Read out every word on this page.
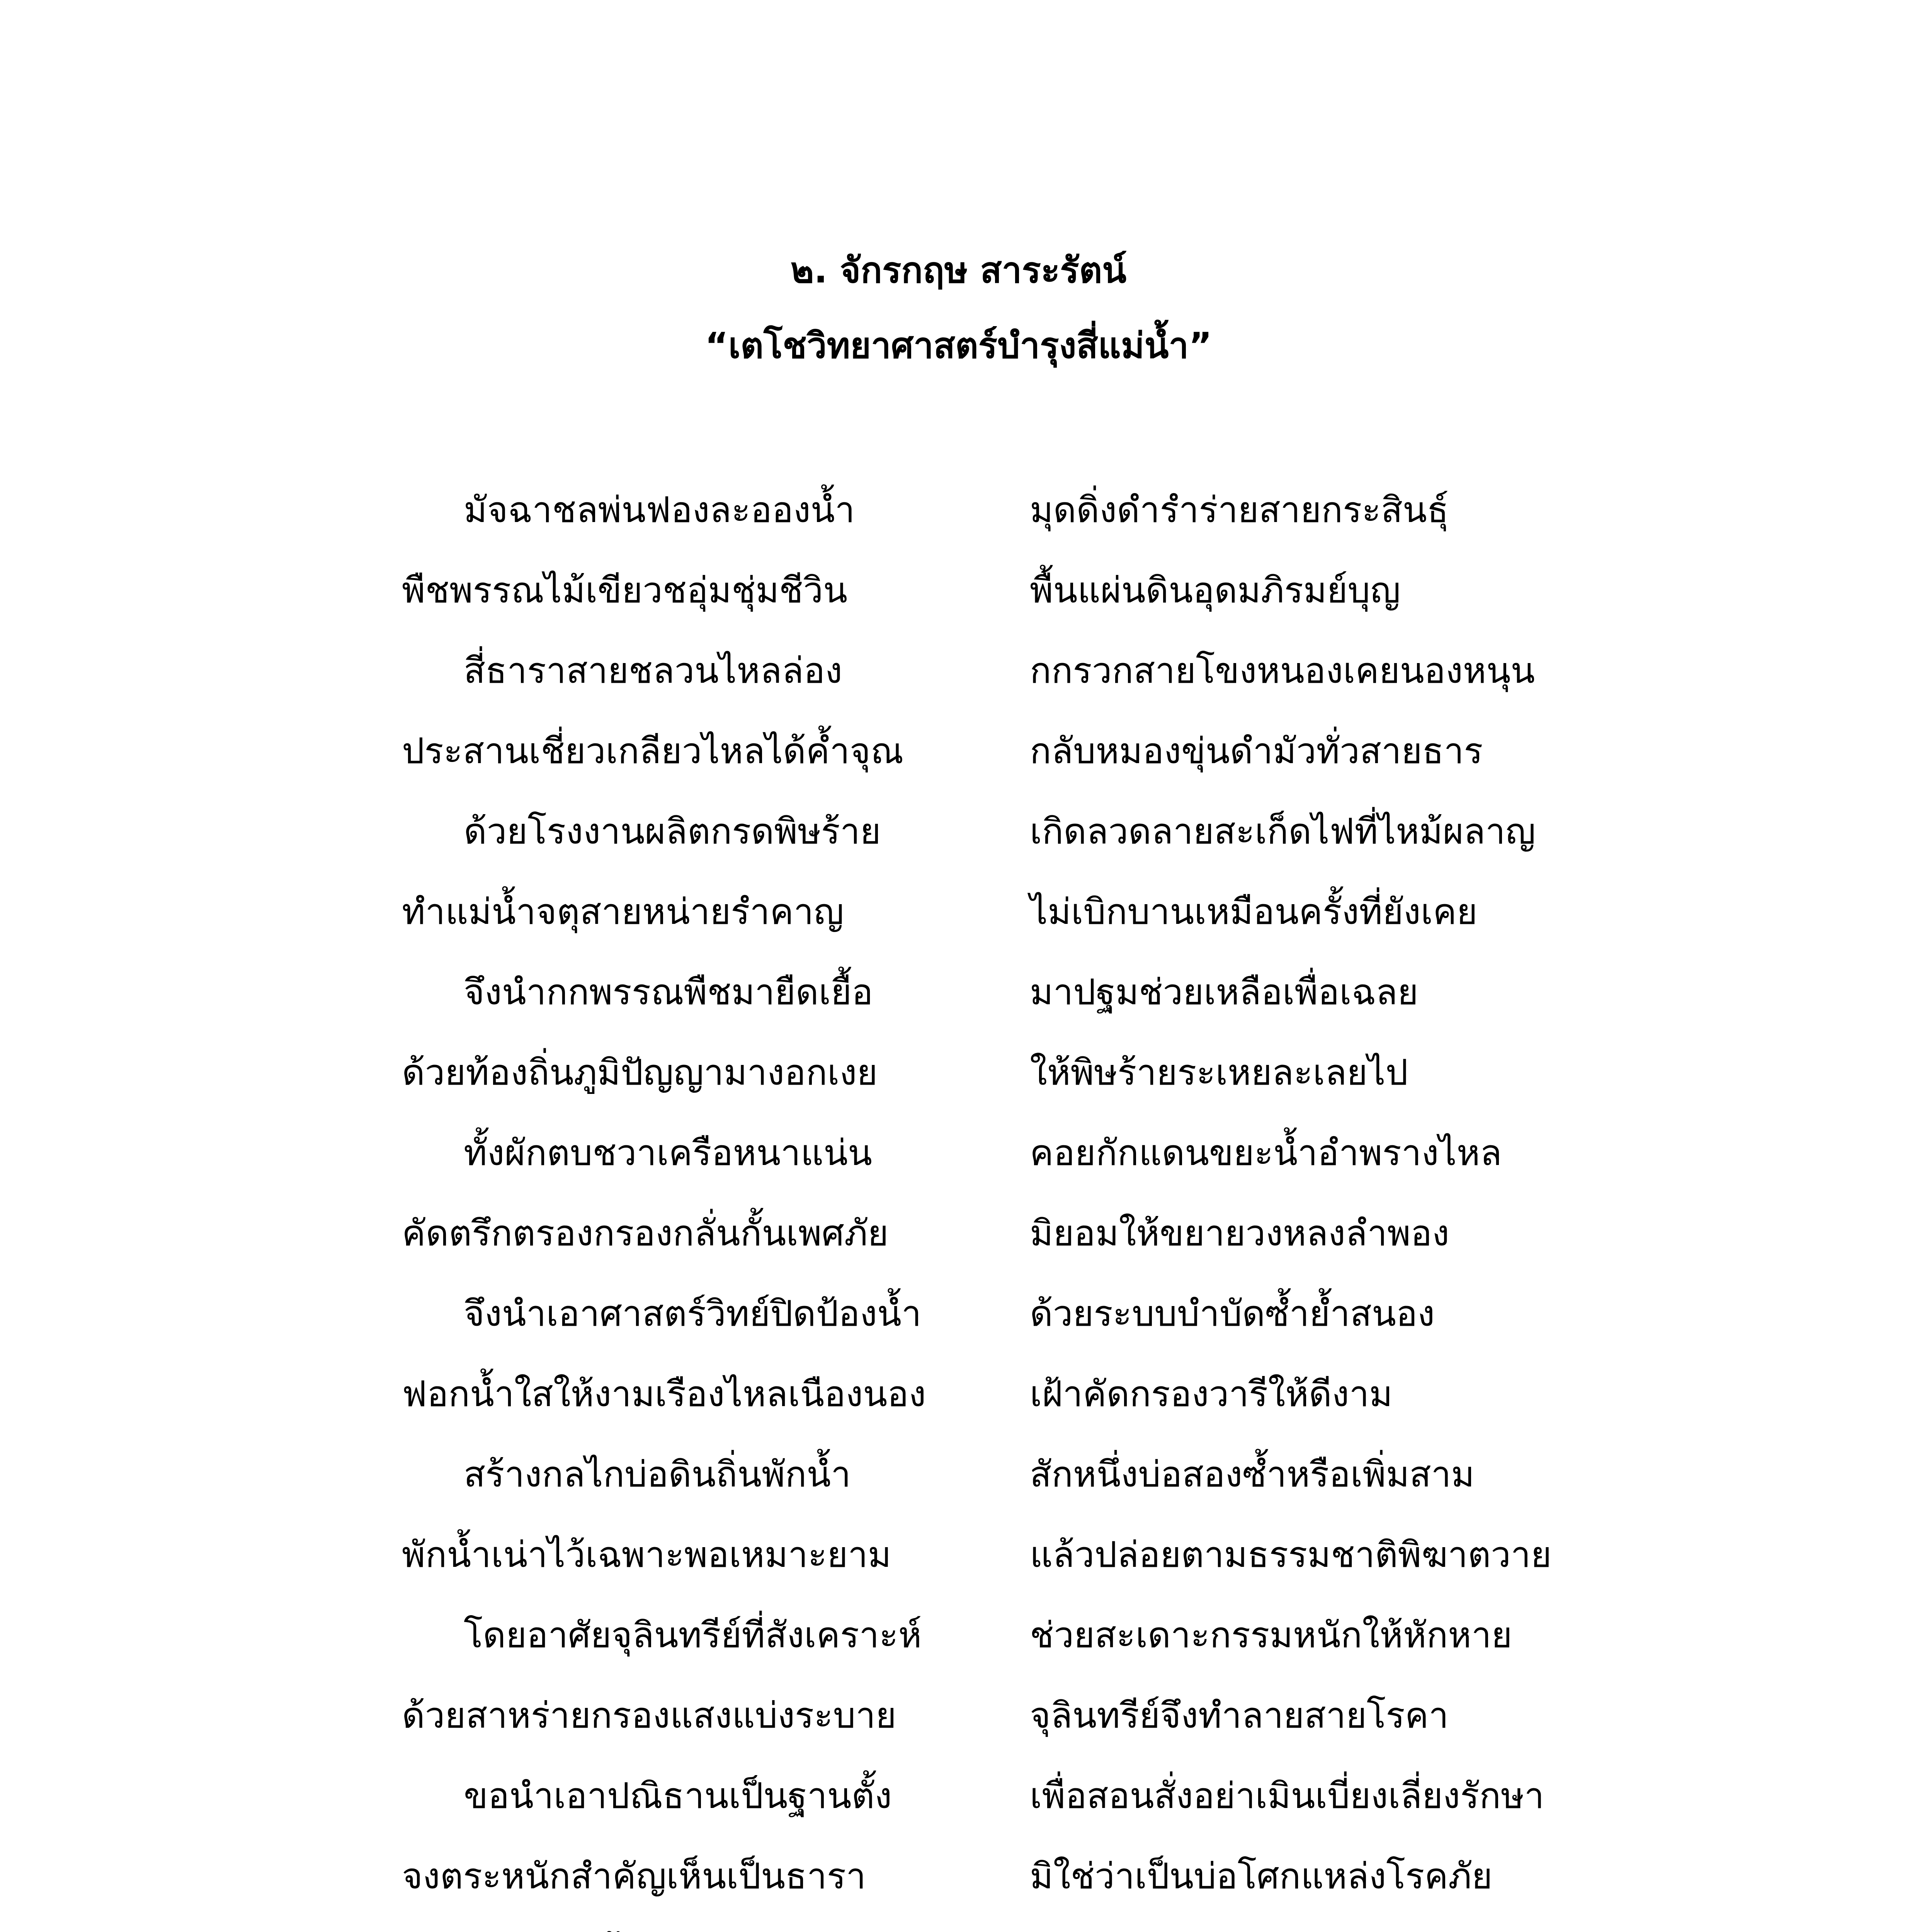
๒. จักรกฤษ สาระรัตน์
“เตโชวิทยาศาสตร์บำรุงสี่แม่น้ำ”
มัจฉาชลพ่นฟองละอองน้ำ	มุดดิ่งดำรำร่ายสายกระสินธุ์
พืชพรรณไม้เขียวชอุ่มชุ่มชีวิน	พื้นแผ่นดินอุดมภิรมย์บุญ
สี่ธาราสายชลวนไหลล่อง	กกรวกสายโขงหนองเคยนองหนุน
ประสานเชี่ยวเกลียวไหลได้ค้ำจุณ	กลับหมองขุ่นดำมัวทั่วสายธาร
ด้วยโรงงานผลิตกรดพิษร้าย	เกิดลวดลายสะเก็ดไฟที่ไหม้ผลาญ
ทำแม่น้ำจตุสายหน่ายรำคาญ	ไม่เบิกบานเหมือนครั้งที่ยังเคย
จึงนำกกพรรณพืชมายืดเยื้อ	มาปฐมช่วยเหลือเพื่อเฉลย
ด้วยท้องถิ่นภูมิปัญญามางอกเงย	ให้พิษร้ายระเหยละเลยไป
ทั้งผักตบชวาเครือหนาแน่น	คอยกักแดนขยะน้ำอำพรางไหล
คัดตรึกตรองกรองกลั่นกั้นเพศภัย	มิยอมให้ขยายวงหลงลำพอง
จึงนำเอาศาสตร์วิทย์ปิดป้องน้ำ	ด้วยระบบบำบัดซ้ำย้ำสนอง
ฟอกน้ำใสให้งามเรืองไหลเนืองนอง	เฝ้าคัดกรองวารีให้ดีงาม
สร้างกลไกบ่อดินถิ่นพักน้ำ	สักหนึ่งบ่อสองซ้ำหรือเพิ่มสาม
พักน้ำเน่าไว้เฉพาะพอเหมาะยาม	แล้วปล่อยตามธรรมชาติพิฆาตวาย
โดยอาศัยจุลินทรีย์ที่สังเคราะห์	ช่วยสะเดาะกรรมหนักให้หักหาย
ด้วยสาหร่ายกรองแสงแบ่งระบาย	จุลินทรีย์จึงทำลายสายโรคา
ขอนำเอาปณิธานเป็นฐานตั้ง	เพื่อสอนสั่งอย่าเมินเบี่ยงเลี่ยงรักษา
จงตระหนักสำคัญเห็นเป็นธารา	มิใช่ว่าเป็นบ่อโศกแหล่งโรคภัย
